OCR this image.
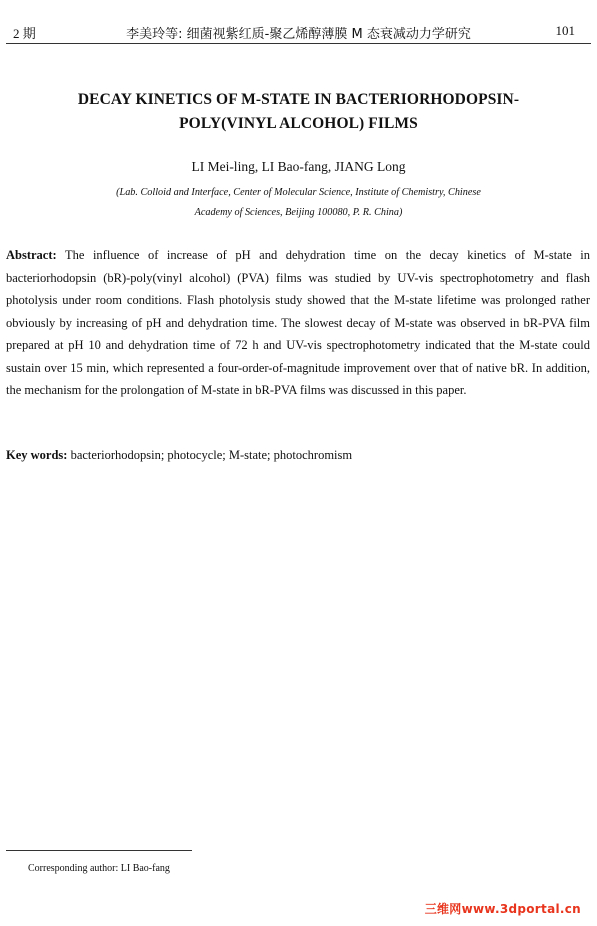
2 期	李美玲等: 细菌视紫红质-聚乙烯醇薄膜 M 态衰减动力学研究	101
DECAY KINETICS OF M-STATE IN BACTERIORHODOPSIN-
POLY(VINYL ALCOHOL) FILMS
LI Mei-ling, LI Bao-fang, JIANG Long
(Lab. Colloid and Interface, Center of Molecular Science, Institute of Chemistry, Chinese
Academy of Sciences, Beijing 100080, P. R. China)
Abstract: The influence of increase of pH and dehydration time on the decay kinetics of M-state in bacteriorhodopsin (bR)-poly(vinyl alcohol) (PVA) films was studied by UV-vis spectrophotometry and flash photolysis under room conditions. Flash photolysis study showed that the M-state lifetime was prolonged rather obviously by increasing of pH and dehydration time. The slowest decay of M-state was observed in bR-PVA film prepared at pH 10 and dehydration time of 72 h and UV-vis spectrophotometry indicated that the M-state could sustain over 15 min, which represented a four-order-of-magnitude improvement over that of native bR. In addition, the mechanism for the prolongation of M-state in bR-PVA films was discussed in this paper.
Key words: bacteriorhodopsin; photocycle; M-state; photochromism
Corresponding author: LI Bao-fang
三维网www.3dportal.cn
